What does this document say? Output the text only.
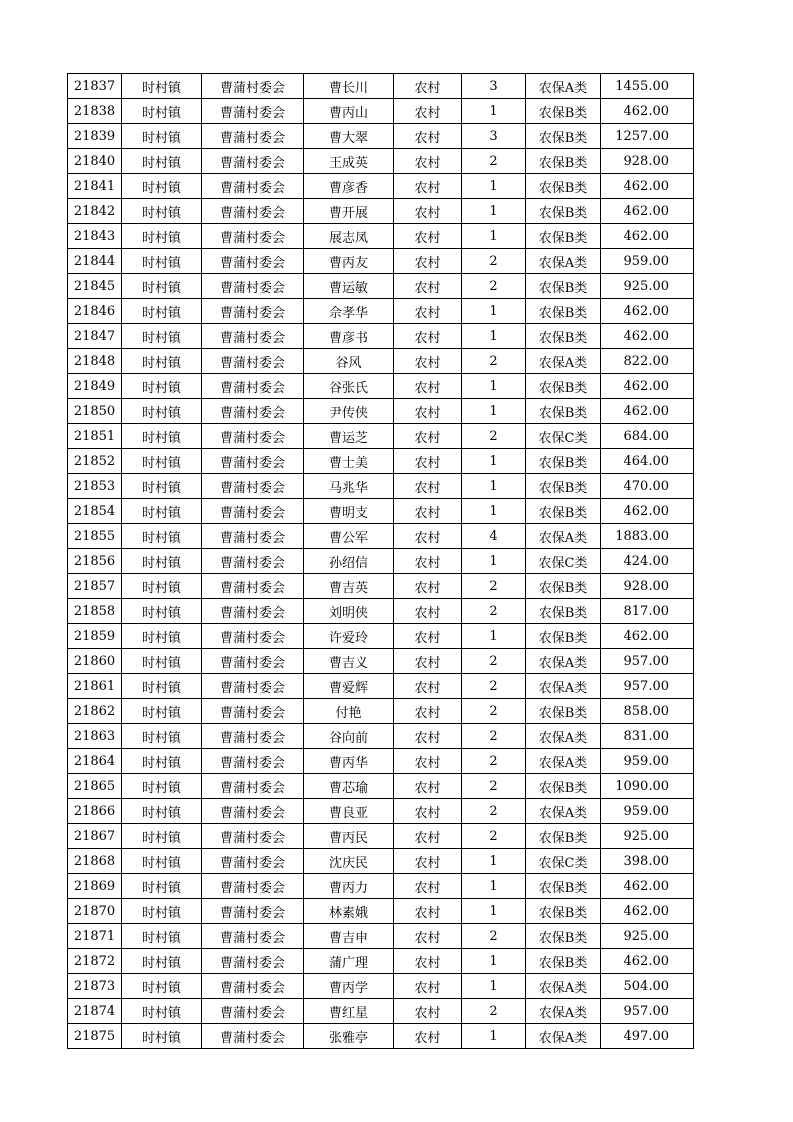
21837	时村镇	曹蒲村委会	曹长川	农村	3	农保A类	1455.00
21838	时村镇	曹蒲村委会	曹丙山	农村	1	农保B类	462.00
21839	时村镇	曹蒲村委会	曹大翠	农村	3	农保B类	1257.00
21840	时村镇	曹蒲村委会	王成英	农村	2	农保B类	928.00
21841	时村镇	曹蒲村委会	曹彦香	农村	1	农保B类	462.00
21842	时村镇	曹蒲村委会	曹开展	农村	1	农保B类	462.00
21843	时村镇	曹蒲村委会	展志凤	农村	1	农保B类	462.00
21844	时村镇	曹蒲村委会	曹丙友	农村	2	农保A类	959.00
21845	时村镇	曹蒲村委会	曹运敏	农村	2	农保B类	925.00
21846	时村镇	曹蒲村委会	佘孝华	农村	1	农保B类	462.00
21847	时村镇	曹蒲村委会	曹彦书	农村	1	农保B类	462.00
21848	时村镇	曹蒲村委会	谷风	农村	2	农保A类	822.00
21849	时村镇	曹蒲村委会	谷张氏	农村	1	农保B类	462.00
21850	时村镇	曹蒲村委会	尹传侠	农村	1	农保B类	462.00
21851	时村镇	曹蒲村委会	曹运芝	农村	2	农保C类	684.00
21852	时村镇	曹蒲村委会	曹士美	农村	1	农保B类	464.00
21853	时村镇	曹蒲村委会	马兆华	农村	1	农保B类	470.00
21854	时村镇	曹蒲村委会	曹明支	农村	1	农保B类	462.00
21855	时村镇	曹蒲村委会	曹公军	农村	4	农保A类	1883.00
21856	时村镇	曹蒲村委会	孙绍信	农村	1	农保C类	424.00
21857	时村镇	曹蒲村委会	曹吉英	农村	2	农保B类	928.00
21858	时村镇	曹蒲村委会	刘明侠	农村	2	农保B类	817.00
21859	时村镇	曹蒲村委会	许爱玲	农村	1	农保B类	462.00
21860	时村镇	曹蒲村委会	曹吉义	农村	2	农保A类	957.00
21861	时村镇	曹蒲村委会	曹爱辉	农村	2	农保A类	957.00
21862	时村镇	曹蒲村委会	付艳	农村	2	农保B类	858.00
21863	时村镇	曹蒲村委会	谷向前	农村	2	农保A类	831.00
21864	时村镇	曹蒲村委会	曹丙华	农村	2	农保A类	959.00
21865	时村镇	曹蒲村委会	曹芯瑜	农村	2	农保B类	1090.00
21866	时村镇	曹蒲村委会	曹良亚	农村	2	农保A类	959.00
21867	时村镇	曹蒲村委会	曹丙民	农村	2	农保B类	925.00
21868	时村镇	曹蒲村委会	沈庆民	农村	1	农保C类	398.00
21869	时村镇	曹蒲村委会	曹丙力	农村	1	农保B类	462.00
21870	时村镇	曹蒲村委会	林素娥	农村	1	农保B类	462.00
21871	时村镇	曹蒲村委会	曹吉申	农村	2	农保B类	925.00
21872	时村镇	曹蒲村委会	蒲广理	农村	1	农保B类	462.00
21873	时村镇	曹蒲村委会	曹丙学	农村	1	农保A类	504.00
21874	时村镇	曹蒲村委会	曹红星	农村	2	农保A类	957.00
21875	时村镇	曹蒲村委会	张雅亭	农村	1	农保A类	497.00
